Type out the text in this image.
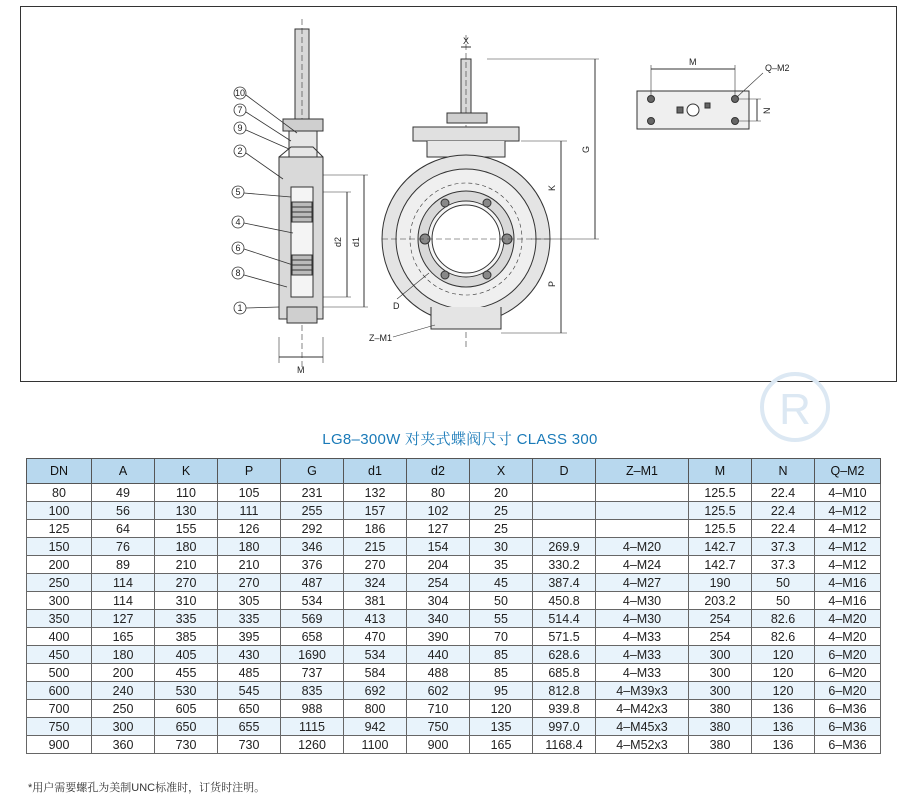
M
d2 d1
10
7
9
2
5
4
6
8
1
X
G
K
P
D
Z–M1
M
N
Q–M2
R
LG8–300W 对夹式蝶阀尺寸 CLASS 300
DN	A	K	P	G	d1	d2	X	D	Z–M1	M	N	Q–M2
80	49	110	105	231	132	80	20			125.5	22.4	4–M10
100	56	130	111	255	157	102	25			125.5	22.4	4–M12
125	64	155	126	292	186	127	25			125.5	22.4	4–M12
150	76	180	180	346	215	154	30	269.9	4–M20	142.7	37.3	4–M12
200	89	210	210	376	270	204	35	330.2	4–M24	142.7	37.3	4–M12
250	114	270	270	487	324	254	45	387.4	4–M27	190	50	4–M16
300	114	310	305	534	381	304	50	450.8	4–M30	203.2	50	4–M16
350	127	335	335	569	413	340	55	514.4	4–M30	254	82.6	4–M20
400	165	385	395	658	470	390	70	571.5	4–M33	254	82.6	4–M20
450	180	405	430	1690	534	440	85	628.6	4–M33	300	120	6–M20
500	200	455	485	737	584	488	85	685.8	4–M33	300	120	6–M20
600	240	530	545	835	692	602	95	812.8	4–M39x3	300	120	6–M20
700	250	605	650	988	800	710	120	939.8	4–M42x3	380	136	6–M36
750	300	650	655	1115	942	750	135	997.0	4–M45x3	380	136	6–M36
900	360	730	730	1260	1100	900	165	1168.4	4–M52x3	380	136	6–M36
*用户需要螺孔为美制UNC标准时，订货时注明。
